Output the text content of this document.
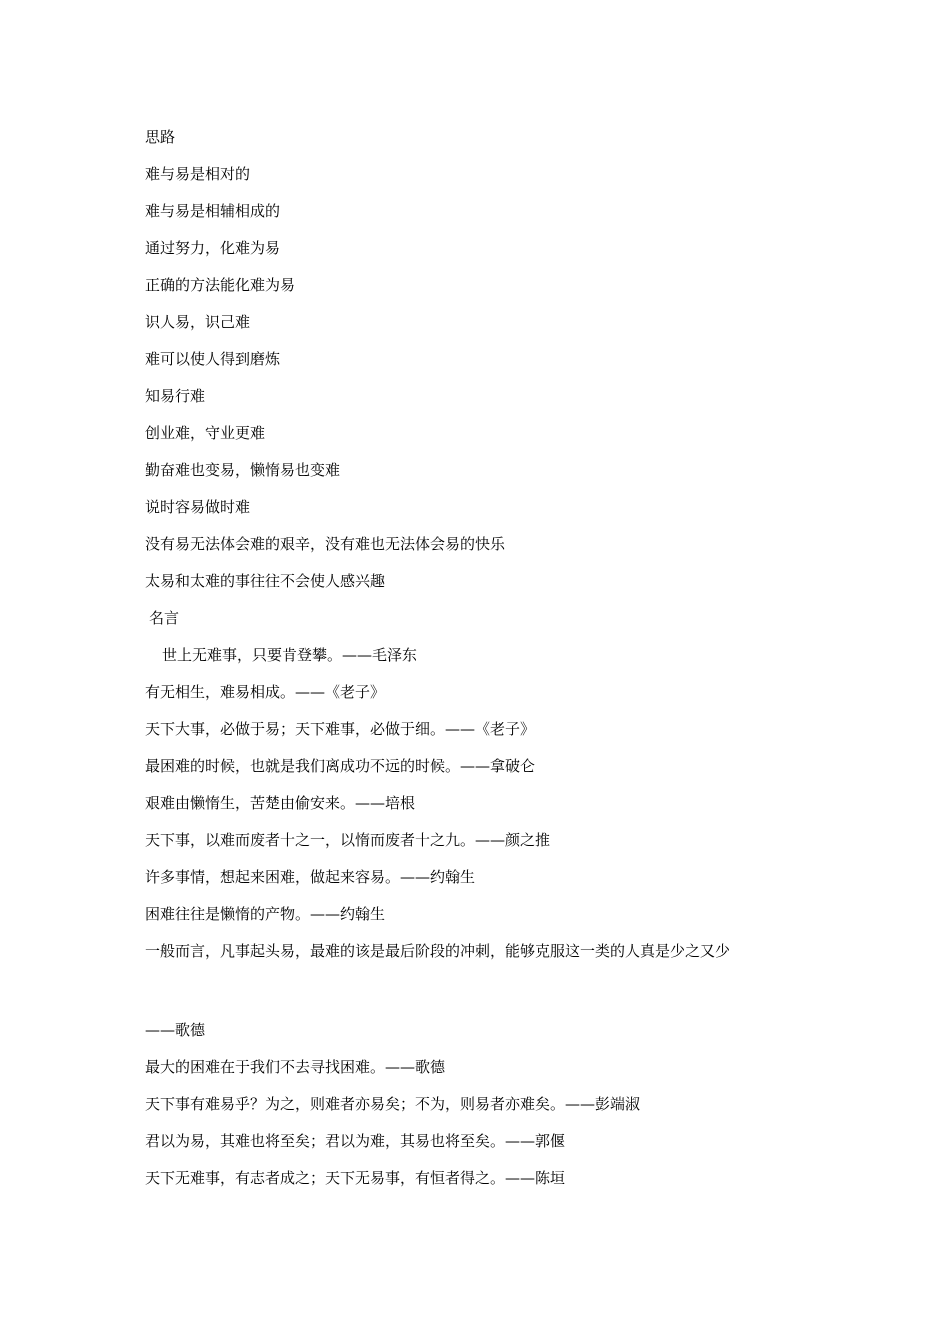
思路
难与易是相对的
难与易是相辅相成的
通过努力，化难为易
正确的方法能化难为易
识人易，识己难
难可以使人得到磨炼
知易行难
创业难，守业更难
勤奋难也变易，懒惰易也变难
说时容易做时难
没有易无法体会难的艰辛，没有难也无法体会易的快乐
太易和太难的事往往不会使人感兴趣
名言
世上无难事，只要肯登攀。——毛泽东
有无相生，难易相成。——《老子》
天下大事，必做于易；天下难事，必做于细。——《老子》
最困难的时候，也就是我们离成功不远的时候。——拿破仑
艰难由懒惰生，苦楚由偷安来。——培根
天下事，以难而废者十之一，以惰而废者十之九。——颜之推
许多事情，想起来困难，做起来容易。——约翰生
困难往往是懒惰的产物。——约翰生
一般而言，凡事起头易，最难的该是最后阶段的冲刺，能够克服这一类的人真是少之又少
——歌德
最大的困难在于我们不去寻找困难。——歌德
天下事有难易乎？为之，则难者亦易矣；不为，则易者亦难矣。——彭端淑
君以为易，其难也将至矣；君以为难，其易也将至矣。——郭偃
天下无难事，有志者成之；天下无易事，有恒者得之。——陈垣
